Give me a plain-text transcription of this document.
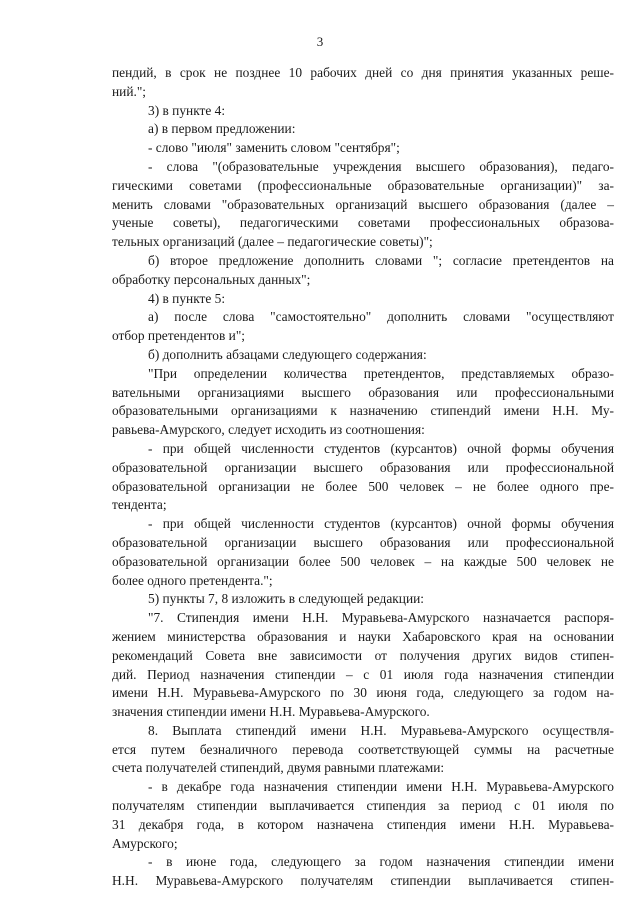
3
пендий, в срок не позднее 10 рабочих дней со дня принятия указанных реше-
ний.";
3) в пункте 4:
а) в первом предложении:
- слово "июля" заменить словом "сентября";
- слова "(образовательные учреждения высшего образования), педаго-
гическими советами (профессиональные образовательные организации)" за-
менить словами "образовательных организаций высшего образования (далее –
ученые советы), педагогическими советами профессиональных образова-
тельных организаций (далее – педагогические советы)";
б) второе предложение дополнить словами "; согласие претендентов на
обработку персональных данных";
4) в пункте 5:
а) после слова "самостоятельно" дополнить словами "осуществляют
отбор претендентов и";
б) дополнить абзацами следующего содержания:
"При определении количества претендентов, представляемых образо-
вательными организациями высшего образования или профессиональными
образовательными организациями к назначению стипендий имени Н.Н. Му-
равьева-Амурского, следует исходить из соотношения:
- при общей численности студентов (курсантов) очной формы обучения
образовательной организации высшего образования или профессиональной
образовательной организации не более 500 человек – не более одного пре-
тендента;
- при общей численности студентов (курсантов) очной формы обучения
образовательной организации высшего образования или профессиональной
образовательной организации более 500 человек – на каждые 500 человек не
более одного претендента.";
5) пункты 7, 8 изложить в следующей редакции:
"7. Стипендия имени Н.Н. Муравьева-Амурского назначается распоря-
жением министерства образования и науки Хабаровского края на основании
рекомендаций Совета вне зависимости от получения других видов стипен-
дий. Период назначения стипендии – с 01 июля года назначения стипендии
имени Н.Н. Муравьева-Амурского по 30 июня года, следующего за годом на-
значения стипендии имени Н.Н. Муравьева-Амурского.
8. Выплата стипендий имени Н.Н. Муравьева-Амурского осуществля-
ется путем безналичного перевода соответствующей суммы на расчетные
счета получателей стипендий, двумя равными платежами:
- в декабре года назначения стипендии имени Н.Н. Муравьева-Амурского
получателям стипендии выплачивается стипендия за период с 01 июля по
31 декабря года, в котором назначена стипендия имени Н.Н. Муравьева-
Амурского;
- в июне года, следующего за годом назначения стипендии имени
Н.Н. Муравьева-Амурского получателям стипендии выплачивается стипен-
